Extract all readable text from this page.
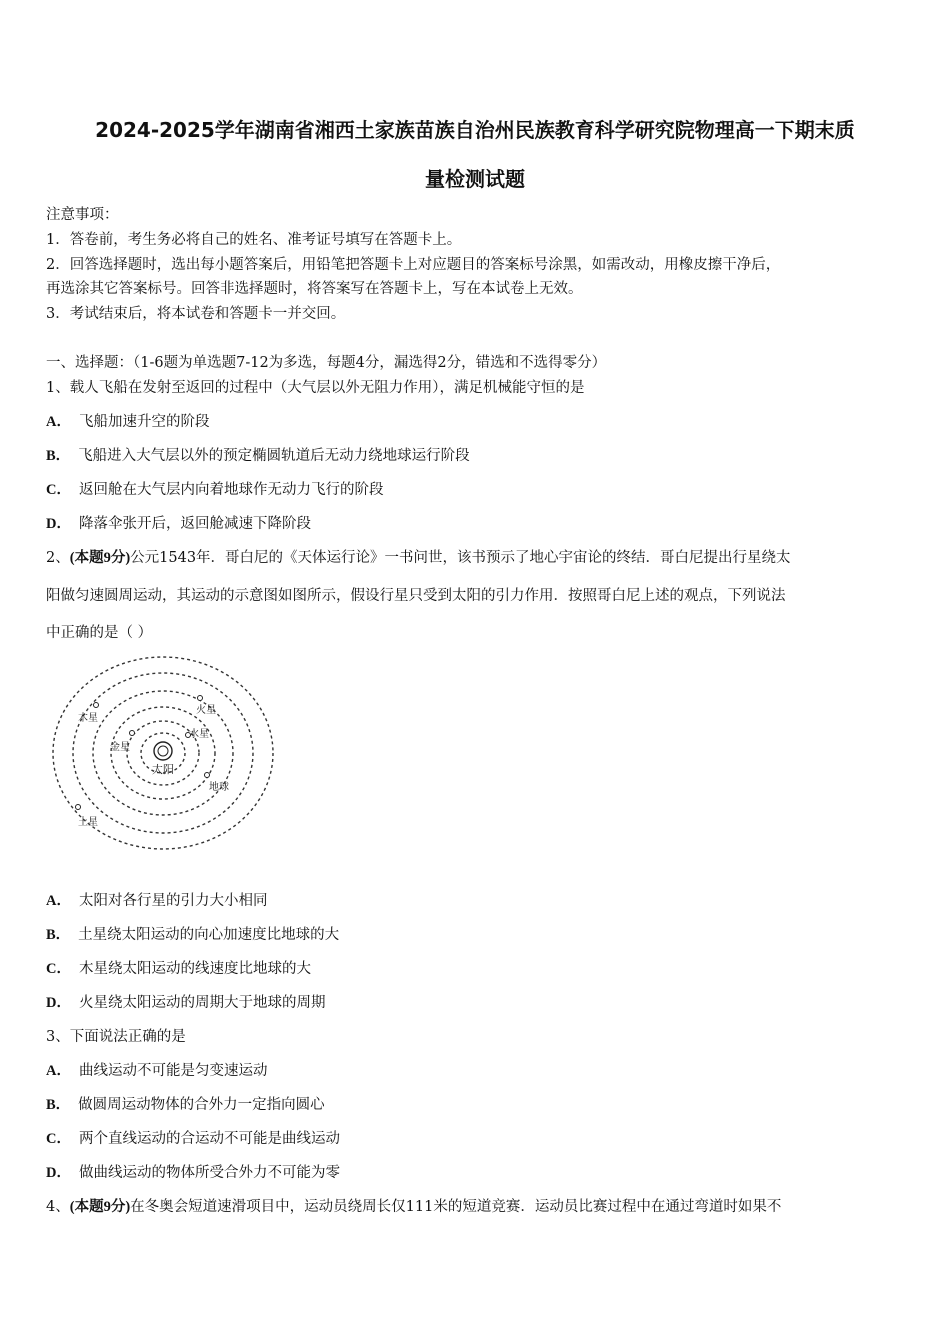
2024-2025学年湖南省湘西土家族苗族自治州民族教育科学研究院物理高一下期末质
量检测试题
注意事项：
1．答卷前，考生务必将自己的姓名、准考证号填写在答题卡上。
2．回答选择题时，选出每小题答案后，用铅笔把答题卡上对应题目的答案标号涂黑，如需改动，用橡皮擦干净后，
再选涂其它答案标号。回答非选择题时，将答案写在答题卡上，写在本试卷上无效。
3．考试结束后，将本试卷和答题卡一并交回。
一、选择题：（1-6题为单选题7-12为多选，每题4分，漏选得2分，错选和不选得零分）
1、载人飞船在发射至返回的过程中（大气层以外无阻力作用），满足机械能守恒的是
A． 飞船加速升空的阶段
B． 飞船进入大气层以外的预定椭圆轨道后无动力绕地球运行阶段
C． 返回舱在大气层内向着地球作无动力飞行的阶段
D． 降落伞张开后，返回舱减速下降阶段
2、(本题9分)公元1543年．哥白尼的《天体运行论》一书问世，该书预示了地心宇宙论的终结．哥白尼提出行星绕太
阳做匀速圆周运动，其运动的示意图如图所示，假设行星只受到太阳的引力作用．按照哥白尼上述的观点，下列说法
中正确的是（ ）
太阳
水星
金星
地球
火星
木星
土星
A． 太阳对各行星的引力大小相同
B． 土星绕太阳运动的向心加速度比地球的大
C． 木星绕太阳运动的线速度比地球的大
D． 火星绕太阳运动的周期大于地球的周期
3、下面说法正确的是
A． 曲线运动不可能是匀变速运动
B． 做圆周运动物体的合外力一定指向圆心
C． 两个直线运动的合运动不可能是曲线运动
D． 做曲线运动的物体所受合外力不可能为零
4、(本题9分)在冬奥会短道速滑项目中，运动员绕周长仅111米的短道竞赛．运动员比赛过程中在通过弯道时如果不
